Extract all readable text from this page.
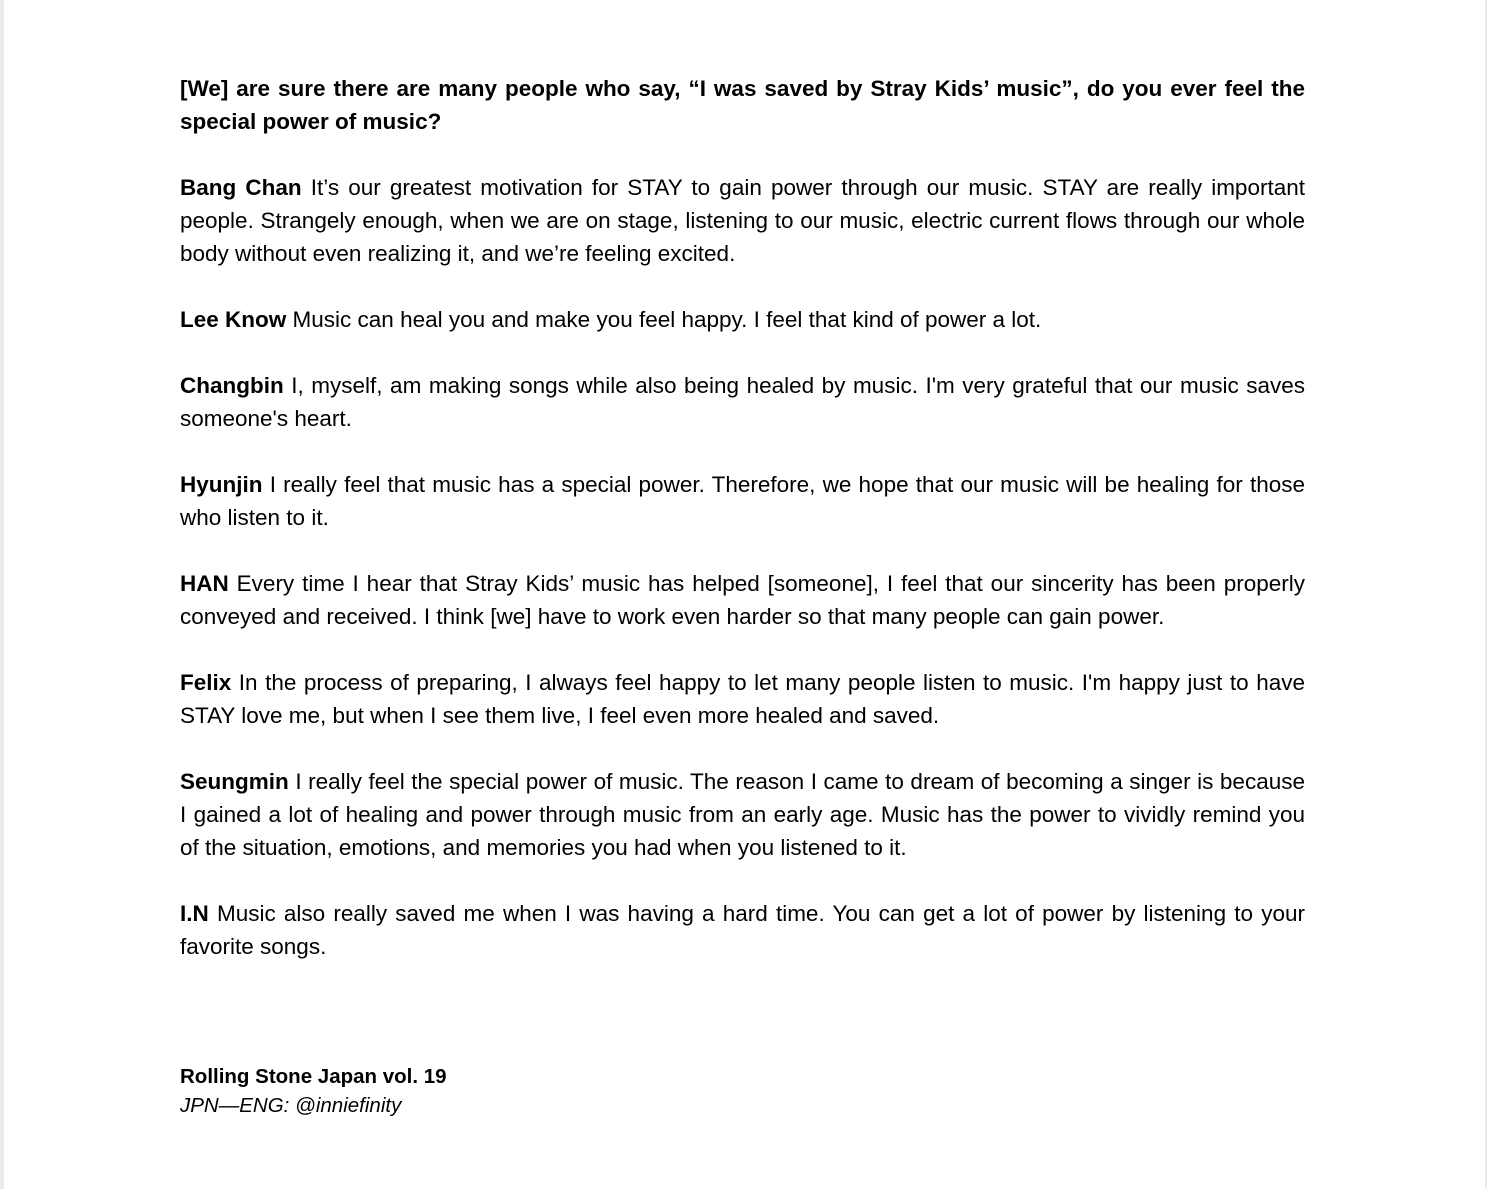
[We] are sure there are many people who say, “I was saved by Stray Kids’ music”, do you ever feel the special power of music?

Bang Chan It’s our greatest motivation for STAY to gain power through our music. STAY are really important people. Strangely enough, when we are on stage, listening to our music, electric current flows through our whole body without even realizing it, and we’re feeling excited.

Lee Know Music can heal you and make you feel happy. I feel that kind of power a lot.

Changbin I, myself, am making songs while also being healed by music. I'm very grateful that our music saves someone's heart.

Hyunjin I really feel that music has a special power. Therefore, we hope that our music will be healing for those who listen to it.

HAN Every time I hear that Stray Kids’ music has helped [someone], I feel that our sincerity has been properly conveyed and received. I think [we] have to work even harder so that many people can gain power.

Felix In the process of preparing, I always feel happy to let many people listen to music. I'm happy just to have STAY love me, but when I see them live, I feel even more healed and saved.

Seungmin I really feel the special power of music. The reason I came to dream of becoming a singer is because I gained a lot of healing and power through music from an early age. Music has the power to vividly remind you of the situation, emotions, and memories you had when you listened to it.

I.N Music also really saved me when I was having a hard time. You can get a lot of power by listening to your favorite songs.

Rolling Stone Japan vol. 19
JPN—ENG: @inniefinity
